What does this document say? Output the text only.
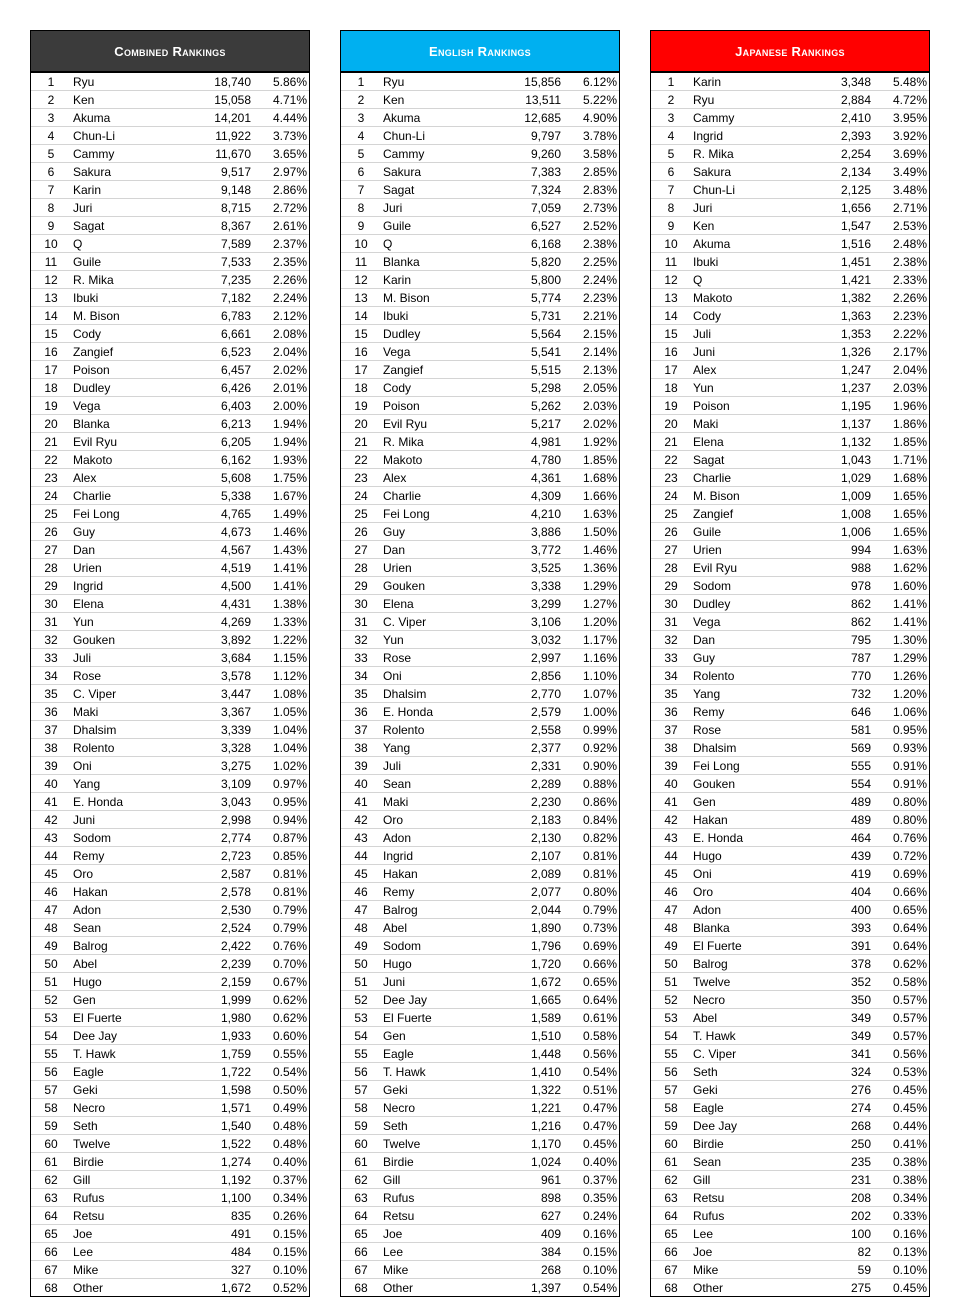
Combined Rankings
1	Ryu	18,740	5.86%
2	Ken	15,058	4.71%
3	Akuma	14,201	4.44%
4	Chun-Li	11,922	3.73%
5	Cammy	11,670	3.65%
6	Sakura	9,517	2.97%
7	Karin	9,148	2.86%
8	Juri	8,715	2.72%
9	Sagat	8,367	2.61%
10	Q	7,589	2.37%
11	Guile	7,533	2.35%
12	R. Mika	7,235	2.26%
13	Ibuki	7,182	2.24%
14	M. Bison	6,783	2.12%
15	Cody	6,661	2.08%
16	Zangief	6,523	2.04%
17	Poison	6,457	2.02%
18	Dudley	6,426	2.01%
19	Vega	6,403	2.00%
20	Blanka	6,213	1.94%
21	Evil Ryu	6,205	1.94%
22	Makoto	6,162	1.93%
23	Alex	5,608	1.75%
24	Charlie	5,338	1.67%
25	Fei Long	4,765	1.49%
26	Guy	4,673	1.46%
27	Dan	4,567	1.43%
28	Urien	4,519	1.41%
29	Ingrid	4,500	1.41%
30	Elena	4,431	1.38%
31	Yun	4,269	1.33%
32	Gouken	3,892	1.22%
33	Juli	3,684	1.15%
34	Rose	3,578	1.12%
35	C. Viper	3,447	1.08%
36	Maki	3,367	1.05%
37	Dhalsim	3,339	1.04%
38	Rolento	3,328	1.04%
39	Oni	3,275	1.02%
40	Yang	3,109	0.97%
41	E. Honda	3,043	0.95%
42	Juni	2,998	0.94%
43	Sodom	2,774	0.87%
44	Remy	2,723	0.85%
45	Oro	2,587	0.81%
46	Hakan	2,578	0.81%
47	Adon	2,530	0.79%
48	Sean	2,524	0.79%
49	Balrog	2,422	0.76%
50	Abel	2,239	0.70%
51	Hugo	2,159	0.67%
52	Gen	1,999	0.62%
53	El Fuerte	1,980	0.62%
54	Dee Jay	1,933	0.60%
55	T. Hawk	1,759	0.55%
56	Eagle	1,722	0.54%
57	Geki	1,598	0.50%
58	Necro	1,571	0.49%
59	Seth	1,540	0.48%
60	Twelve	1,522	0.48%
61	Birdie	1,274	0.40%
62	Gill	1,192	0.37%
63	Rufus	1,100	0.34%
64	Retsu	835	0.26%
65	Joe	491	0.15%
66	Lee	484	0.15%
67	Mike	327	0.10%
68	Other	1,672	0.52%
English Rankings
1	Ryu	15,856	6.12%
2	Ken	13,511	5.22%
3	Akuma	12,685	4.90%
4	Chun-Li	9,797	3.78%
5	Cammy	9,260	3.58%
6	Sakura	7,383	2.85%
7	Sagat	7,324	2.83%
8	Juri	7,059	2.73%
9	Guile	6,527	2.52%
10	Q	6,168	2.38%
11	Blanka	5,820	2.25%
12	Karin	5,800	2.24%
13	M. Bison	5,774	2.23%
14	Ibuki	5,731	2.21%
15	Dudley	5,564	2.15%
16	Vega	5,541	2.14%
17	Zangief	5,515	2.13%
18	Cody	5,298	2.05%
19	Poison	5,262	2.03%
20	Evil Ryu	5,217	2.02%
21	R. Mika	4,981	1.92%
22	Makoto	4,780	1.85%
23	Alex	4,361	1.68%
24	Charlie	4,309	1.66%
25	Fei Long	4,210	1.63%
26	Guy	3,886	1.50%
27	Dan	3,772	1.46%
28	Urien	3,525	1.36%
29	Gouken	3,338	1.29%
30	Elena	3,299	1.27%
31	C. Viper	3,106	1.20%
32	Yun	3,032	1.17%
33	Rose	2,997	1.16%
34	Oni	2,856	1.10%
35	Dhalsim	2,770	1.07%
36	E. Honda	2,579	1.00%
37	Rolento	2,558	0.99%
38	Yang	2,377	0.92%
39	Juli	2,331	0.90%
40	Sean	2,289	0.88%
41	Maki	2,230	0.86%
42	Oro	2,183	0.84%
43	Adon	2,130	0.82%
44	Ingrid	2,107	0.81%
45	Hakan	2,089	0.81%
46	Remy	2,077	0.80%
47	Balrog	2,044	0.79%
48	Abel	1,890	0.73%
49	Sodom	1,796	0.69%
50	Hugo	1,720	0.66%
51	Juni	1,672	0.65%
52	Dee Jay	1,665	0.64%
53	El Fuerte	1,589	0.61%
54	Gen	1,510	0.58%
55	Eagle	1,448	0.56%
56	T. Hawk	1,410	0.54%
57	Geki	1,322	0.51%
58	Necro	1,221	0.47%
59	Seth	1,216	0.47%
60	Twelve	1,170	0.45%
61	Birdie	1,024	0.40%
62	Gill	961	0.37%
63	Rufus	898	0.35%
64	Retsu	627	0.24%
65	Joe	409	0.16%
66	Lee	384	0.15%
67	Mike	268	0.10%
68	Other	1,397	0.54%
Japanese Rankings
1	Karin	3,348	5.48%
2	Ryu	2,884	4.72%
3	Cammy	2,410	3.95%
4	Ingrid	2,393	3.92%
5	R. Mika	2,254	3.69%
6	Sakura	2,134	3.49%
7	Chun-Li	2,125	3.48%
8	Juri	1,656	2.71%
9	Ken	1,547	2.53%
10	Akuma	1,516	2.48%
11	Ibuki	1,451	2.38%
12	Q	1,421	2.33%
13	Makoto	1,382	2.26%
14	Cody	1,363	2.23%
15	Juli	1,353	2.22%
16	Juni	1,326	2.17%
17	Alex	1,247	2.04%
18	Yun	1,237	2.03%
19	Poison	1,195	1.96%
20	Maki	1,137	1.86%
21	Elena	1,132	1.85%
22	Sagat	1,043	1.71%
23	Charlie	1,029	1.68%
24	M. Bison	1,009	1.65%
25	Zangief	1,008	1.65%
26	Guile	1,006	1.65%
27	Urien	994	1.63%
28	Evil Ryu	988	1.62%
29	Sodom	978	1.60%
30	Dudley	862	1.41%
31	Vega	862	1.41%
32	Dan	795	1.30%
33	Guy	787	1.29%
34	Rolento	770	1.26%
35	Yang	732	1.20%
36	Remy	646	1.06%
37	Rose	581	0.95%
38	Dhalsim	569	0.93%
39	Fei Long	555	0.91%
40	Gouken	554	0.91%
41	Gen	489	0.80%
42	Hakan	489	0.80%
43	E. Honda	464	0.76%
44	Hugo	439	0.72%
45	Oni	419	0.69%
46	Oro	404	0.66%
47	Adon	400	0.65%
48	Blanka	393	0.64%
49	El Fuerte	391	0.64%
50	Balrog	378	0.62%
51	Twelve	352	0.58%
52	Necro	350	0.57%
53	Abel	349	0.57%
54	T. Hawk	349	0.57%
55	C. Viper	341	0.56%
56	Seth	324	0.53%
57	Geki	276	0.45%
58	Eagle	274	0.45%
59	Dee Jay	268	0.44%
60	Birdie	250	0.41%
61	Sean	235	0.38%
62	Gill	231	0.38%
63	Retsu	208	0.34%
64	Rufus	202	0.33%
65	Lee	100	0.16%
66	Joe	82	0.13%
67	Mike	59	0.10%
68	Other	275	0.45%
